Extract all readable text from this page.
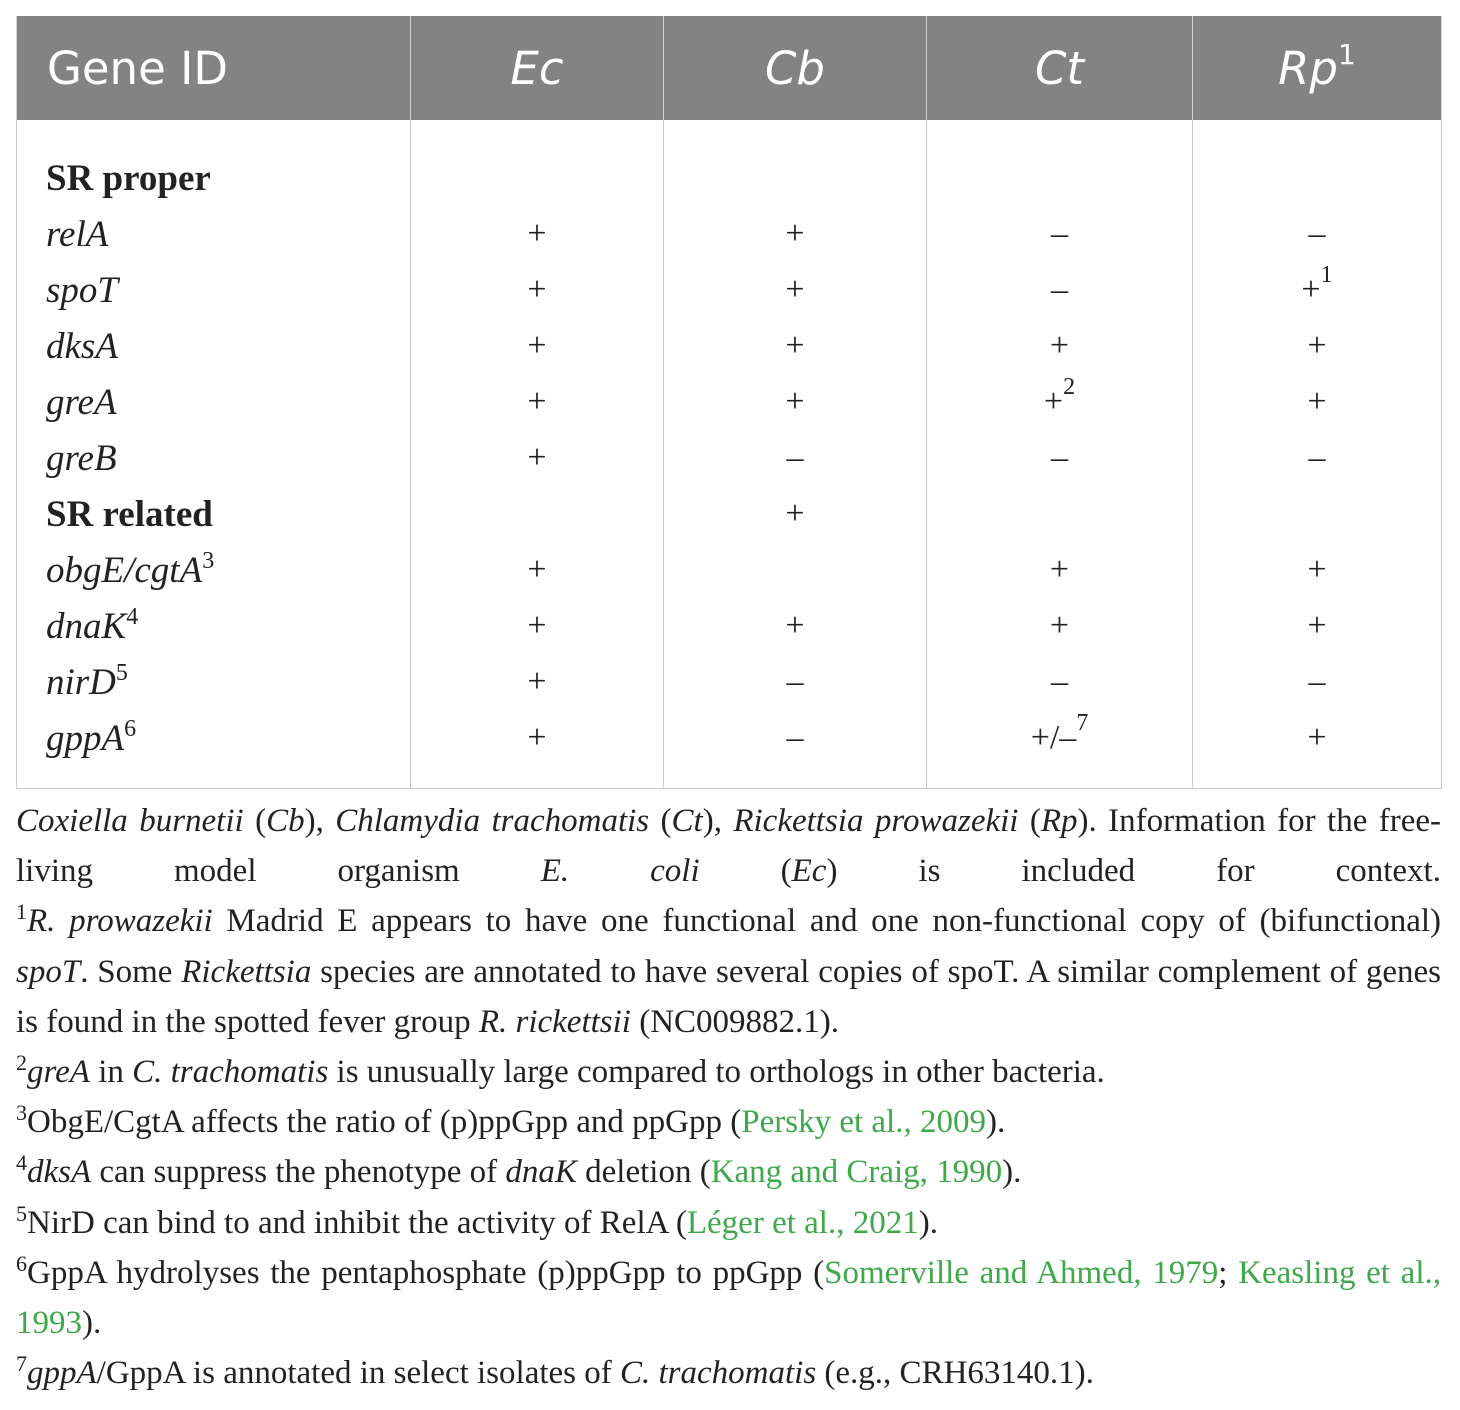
Gene ID	Ec	Cb	Ct	Rp$^1$

SR proper				
relA	+	+	–	–
spoT	+	+	–	+$^1$
dksA	+	+	+	+
greA	+	+	+$^2$	+
greB	+	–	–	–
SR related		+		
obgE/cgtA$^3$	+		+	+
dnaK$^4$	+	+	+	+
nirD$^5$	+	–	–	–
gppA$^6$	+	–	+/–$^7$	+

Coxiella burnetii (Cb), Chlamydia trachomatis (Ct), Rickettsia prowazekii (Rp). Information for the free-living model organism E. coli (Ec) is included for context.

$^1$R. prowazekii Madrid E appears to have one functional and one non-functional copy of (bifunctional) spoT. Some Rickettsia species are annotated to have several copies of spoT. A similar complement of genes is found in the spotted fever group R. rickettsii (NC009882.1).

$^2$greA in C. trachomatis is unusually large compared to orthologs in other bacteria.

$^3$ObgE/CgtA affects the ratio of (p)ppGpp and ppGpp (Persky et al., 2009).

$^4$dksA can suppress the phenotype of dnaK deletion (Kang and Craig, 1990).

$^5$NirD can bind to and inhibit the activity of RelA (Léger et al., 2021).

$^6$GppA hydrolyses the pentaphosphate (p)ppGpp to ppGpp (Somerville and Ahmed, 1979; Keasling et al., 1993).

$^7$gppA/GppA is annotated in select isolates of C. trachomatis (e.g., CRH63140.1).
